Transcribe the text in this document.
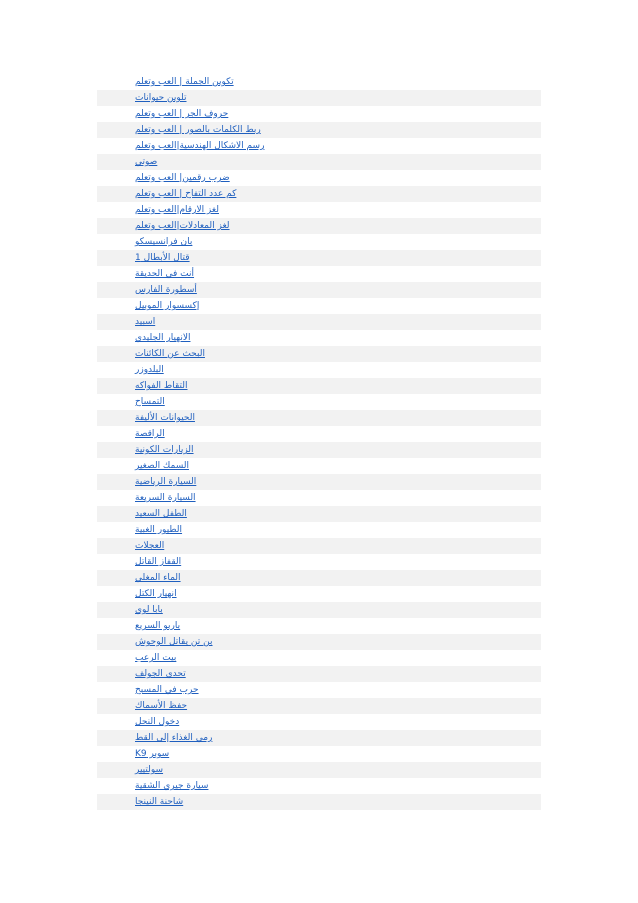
تكوين الجملة | العب وتعلم
تلوين حيوانات
حروف الجر | العب وتعلم
ربط الكلمات بالصور | العب وتعلم
رسم الاشكال الهندسية|العب وتعلم
صوتي
ضرب رقمين| العب وتعلم
كم عدد التفاح | العب وتعلم
لغز الارقام|العب وتعلم
لغز المعادلات|العب وتعلم
بان فرانسيسكو
قتال الأبطال 1
أنت في الحديقة
أسطورة الفارس
إكسسوار الموبيل
اسبيد
الانهيار الجليدي
البحث عن الكائنات
البلدوزر
التقاط الفواكه
التمساح
الحيوانات الأليفة
الراقصة
الزيارات الكونية
السمك الصغير
السيارة الرياضية
السيارة السريعة
الطفل السعيد
الطيور الغبية
العجلات
القفاز القاتل
الماء المغلي
انهيار الكتل
بابا لوي
باربو السريع
بن تن يقاتل الوحوش
بيت الرعب
تحدي الجولف
حرب في المسبح
حفظ الأسماك
دخول النحل
رمي الغذاء إلى القط
سوبر K9
سولتيير
سيارة جيري الشقية
شاحنة النينجا
